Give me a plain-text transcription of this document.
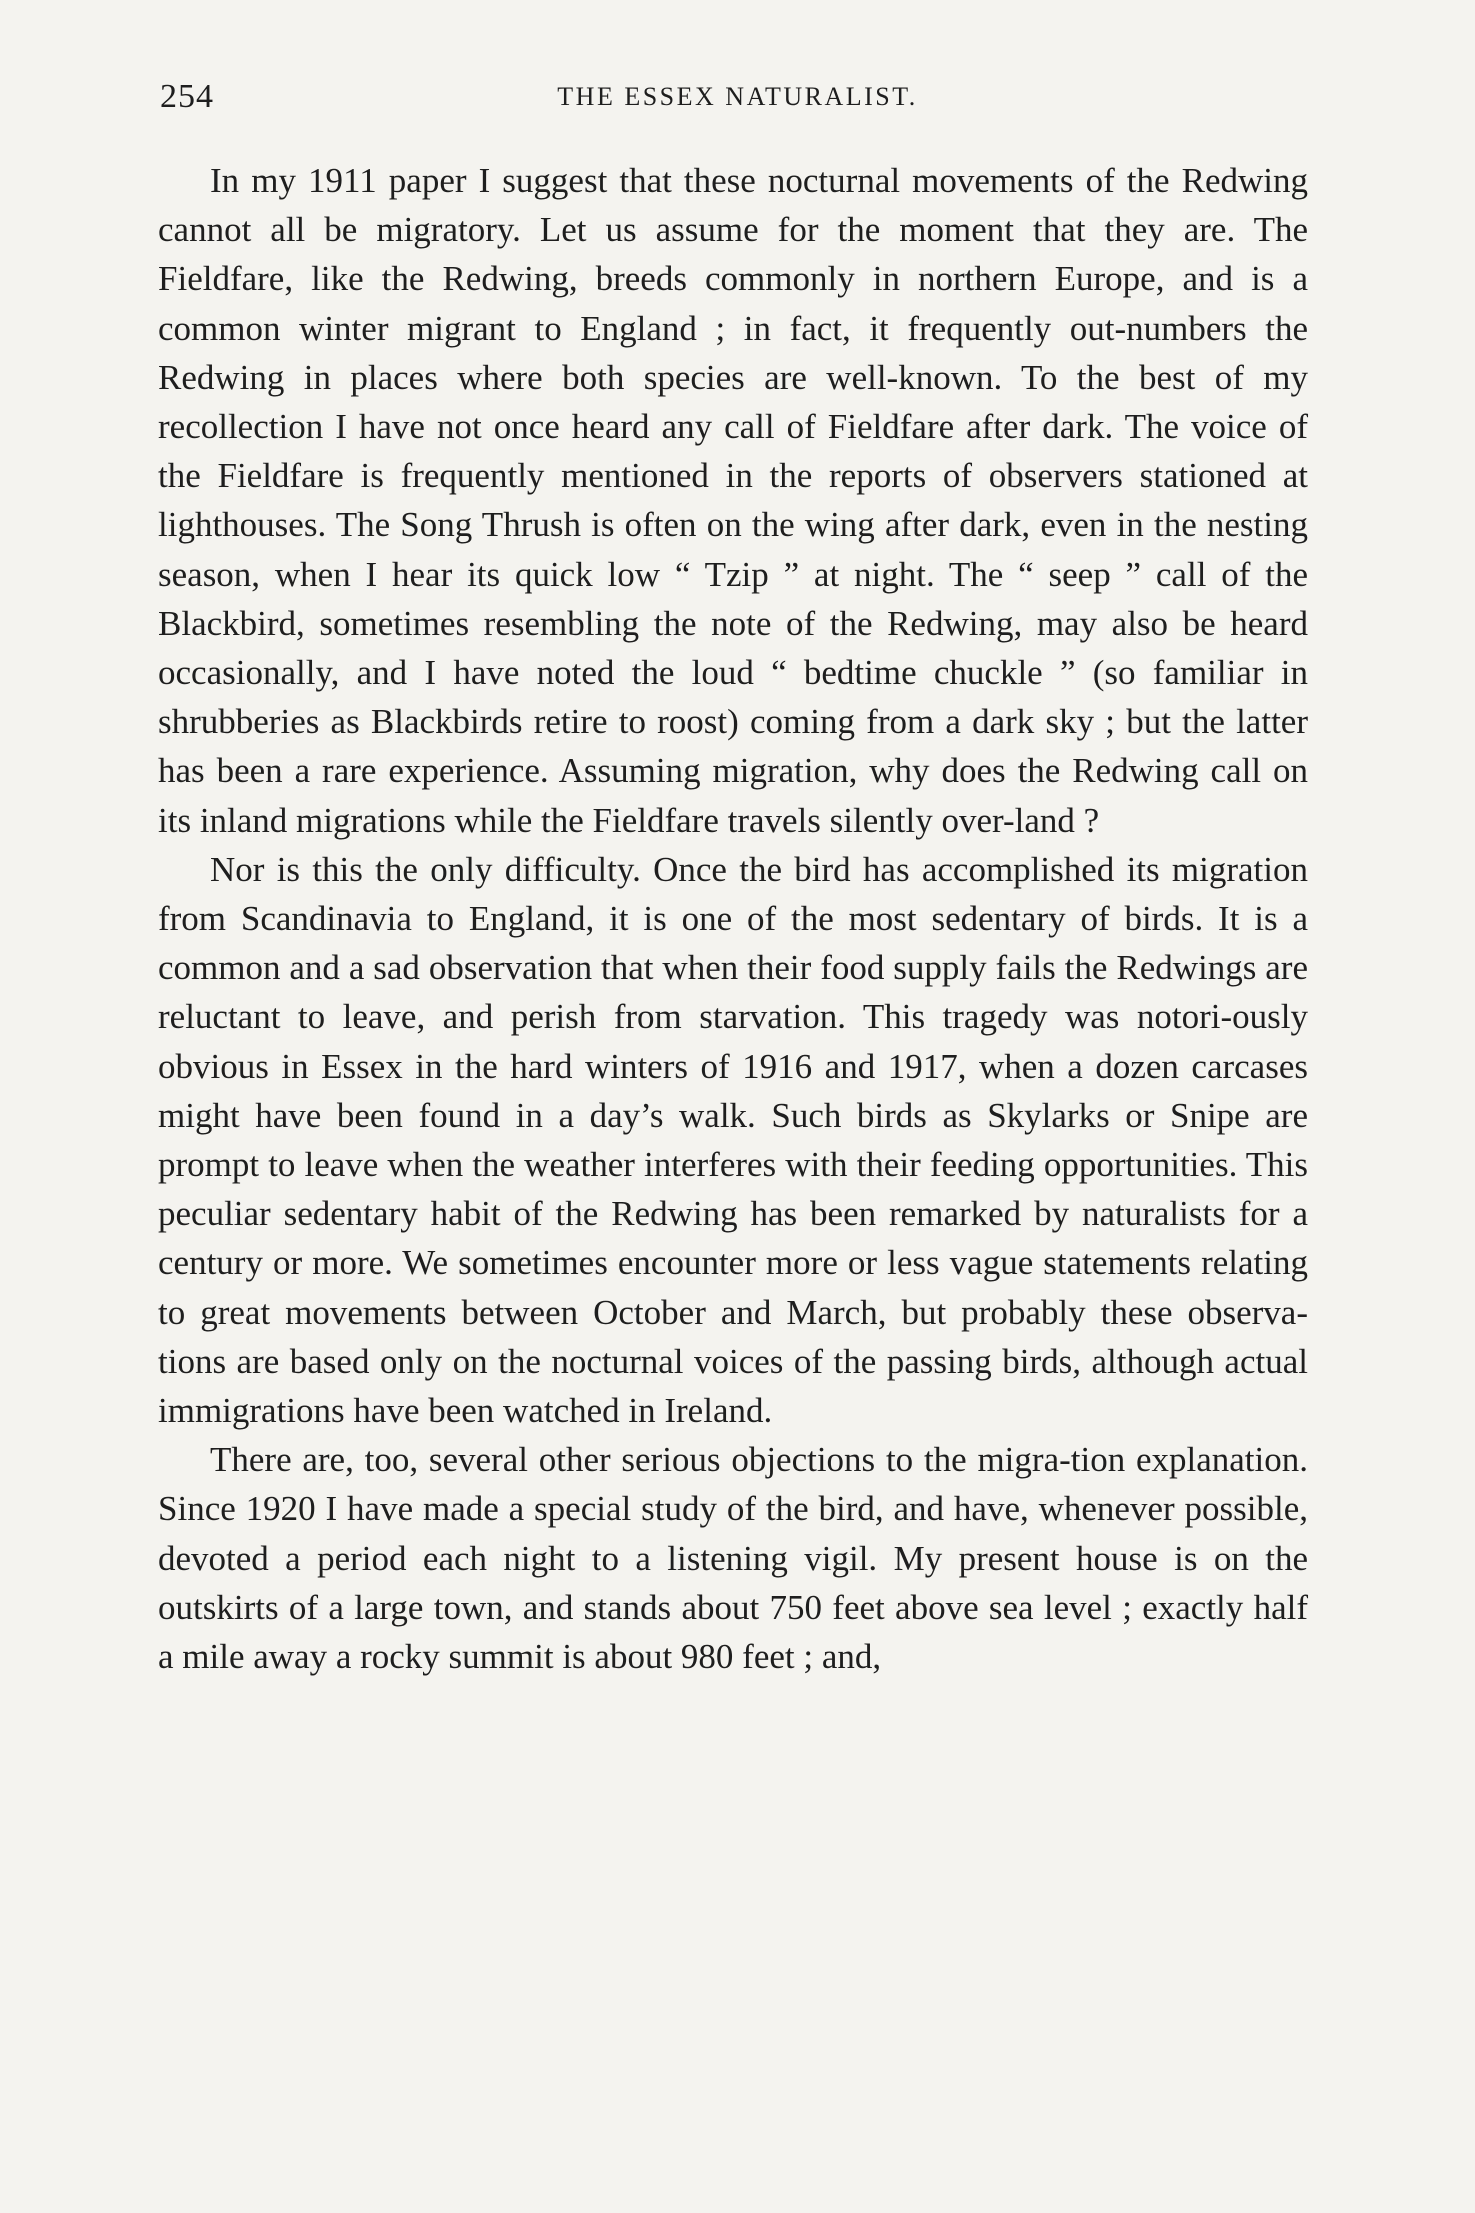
254	THE ESSEX NATURALIST.

In my 1911 paper I suggest that these nocturnal movements of the Redwing cannot all be migratory. Let us assume for the moment that they are. The Fieldfare, like the Redwing, breeds commonly in northern Europe, and is a common winter migrant to England ; in fact, it frequently out-numbers the Redwing in places where both species are well-known. To the best of my recollection I have not once heard any call of Fieldfare after dark. The voice of the Fieldfare is frequently mentioned in the reports of observers stationed at lighthouses. The Song Thrush is often on the wing after dark, even in the nesting season, when I hear its quick low “ Tzip ” at night. The “ seep ” call of the Blackbird, sometimes resembling the note of the Redwing, may also be heard occasionally, and I have noted the loud “ bedtime chuckle ” (so familiar in shrubberies as Blackbirds retire to roost) coming from a dark sky ; but the latter has been a rare experience. Assuming migration, why does the Redwing call on its inland migrations while the Fieldfare travels silently over-land ?

Nor is this the only difficulty. Once the bird has accomplished its migration from Scandinavia to England, it is one of the most sedentary of birds. It is a common and a sad observation that when their food supply fails the Redwings are reluctant to leave, and perish from starvation. This tragedy was notori-ously obvious in Essex in the hard winters of 1916 and 1917, when a dozen carcases might have been found in a day’s walk. Such birds as Skylarks or Snipe are prompt to leave when the weather interferes with their feeding opportunities. This peculiar sedentary habit of the Redwing has been remarked by naturalists for a century or more. We sometimes encounter more or less vague statements relating to great movements between October and March, but probably these observa-tions are based only on the nocturnal voices of the passing birds, although actual immigrations have been watched in Ireland.

There are, too, several other serious objections to the migra-tion explanation. Since 1920 I have made a special study of the bird, and have, whenever possible, devoted a period each night to a listening vigil. My present house is on the outskirts of a large town, and stands about 750 feet above sea level ; exactly half a mile away a rocky summit is about 980 feet ; and,
